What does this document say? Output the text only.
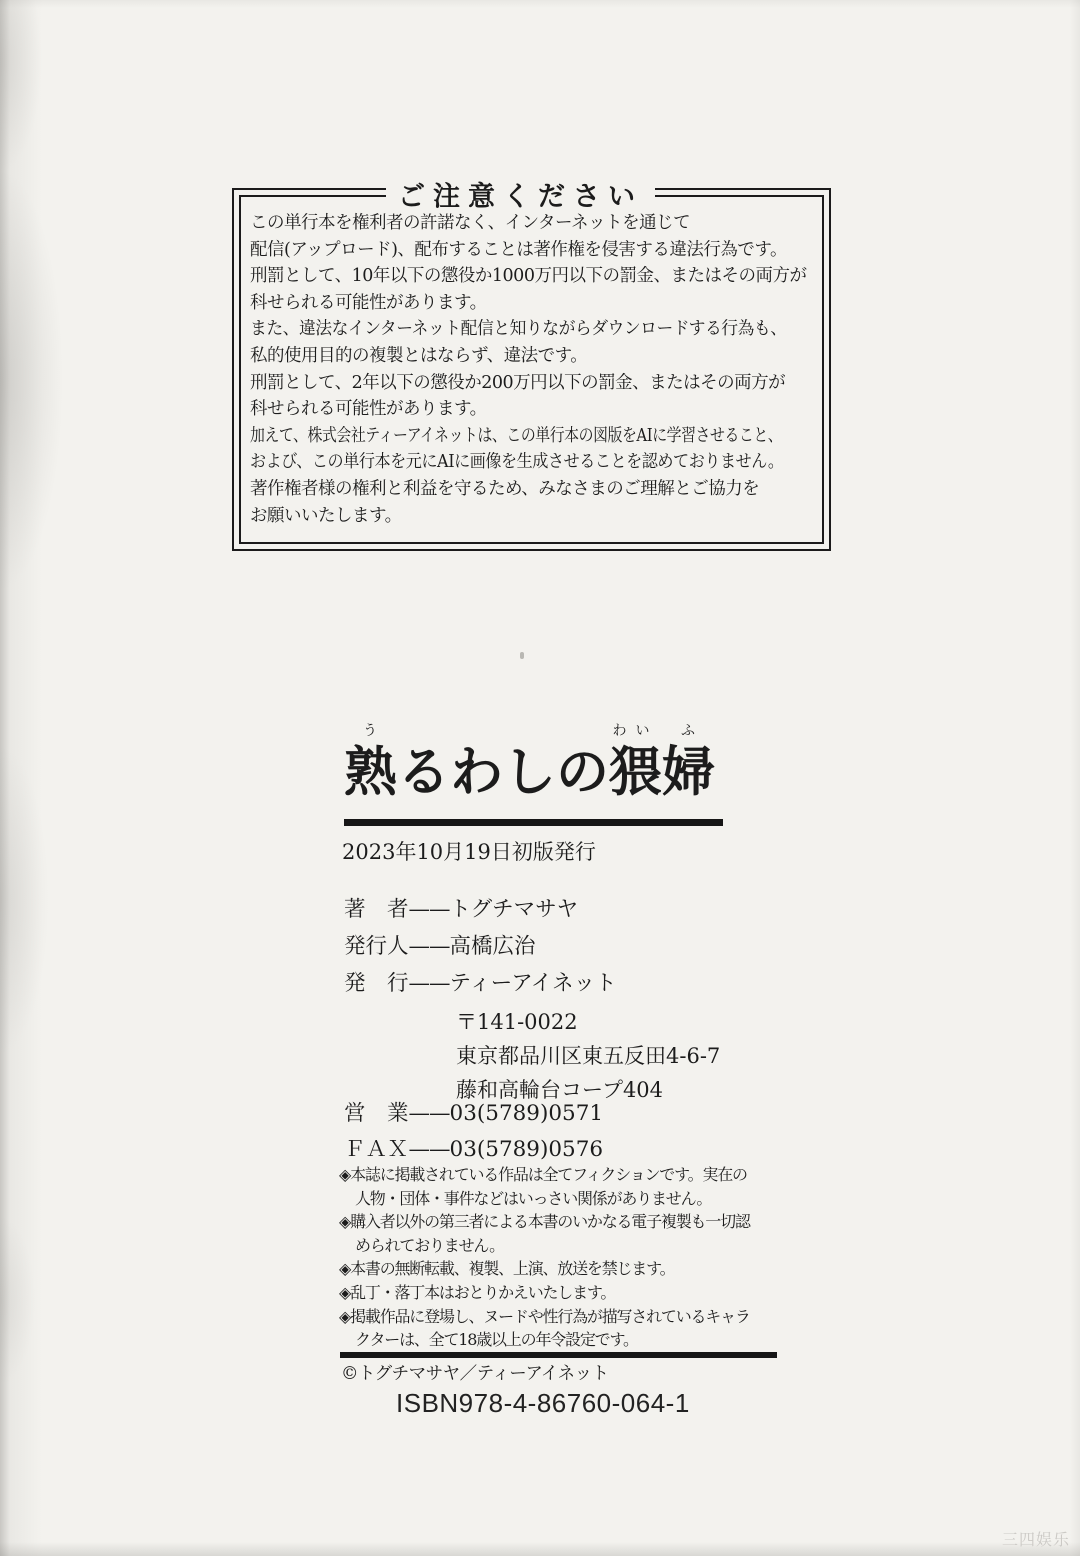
ご注意ください
この単行本を権利者の許諾なく、インターネットを通じて
配信(アップロード)、配布することは著作権を侵害する違法行為です。
刑罰として、10年以下の懲役か1000万円以下の罰金、またはその両方が
科せられる可能性があります。
また、違法なインターネット配信と知りながらダウンロードする行為も、
私的使用目的の複製とはならず、違法です。
刑罰として、2年以下の懲役か200万円以下の罰金、またはその両方が
科せられる可能性があります。
加えて、株式会社ティーアイネットは、この単行本の図版をAIに学習させること、
および、この単行本を元にAIに画像を生成させることを認めておりません。
著作権者様の権利と利益を守るため、みなさまのご理解とご協力を
お願いいたします。
う
熟 るわしの
わい
猥
ふ
婦
2023年10月19日初版発行
著　者——トグチマサヤ
発行人——高橋広治
発　行——ティーアイネット
〒141-0022
東京都品川区東五反田4-6-7
藤和高輪台コープ404
営　業——03(5789)0571
ＦＡＸ——03(5789)0576
◈本誌に掲載されている作品は全てフィクションです。実在の人物・団体・事件などはいっさい関係がありません。
◈購入者以外の第三者による本書のいかなる電子複製も一切認められておりません。
◈本書の無断転載、複製、上演、放送を禁じます。
◈乱丁・落丁本はおとりかえいたします。
◈掲載作品に登場し、ヌードや性行為が描写されているキャラクターは、全て18歳以上の年令設定です。
©トグチマサヤ／ティーアイネット
ISBN978-4-86760-064-1
三四娱乐
